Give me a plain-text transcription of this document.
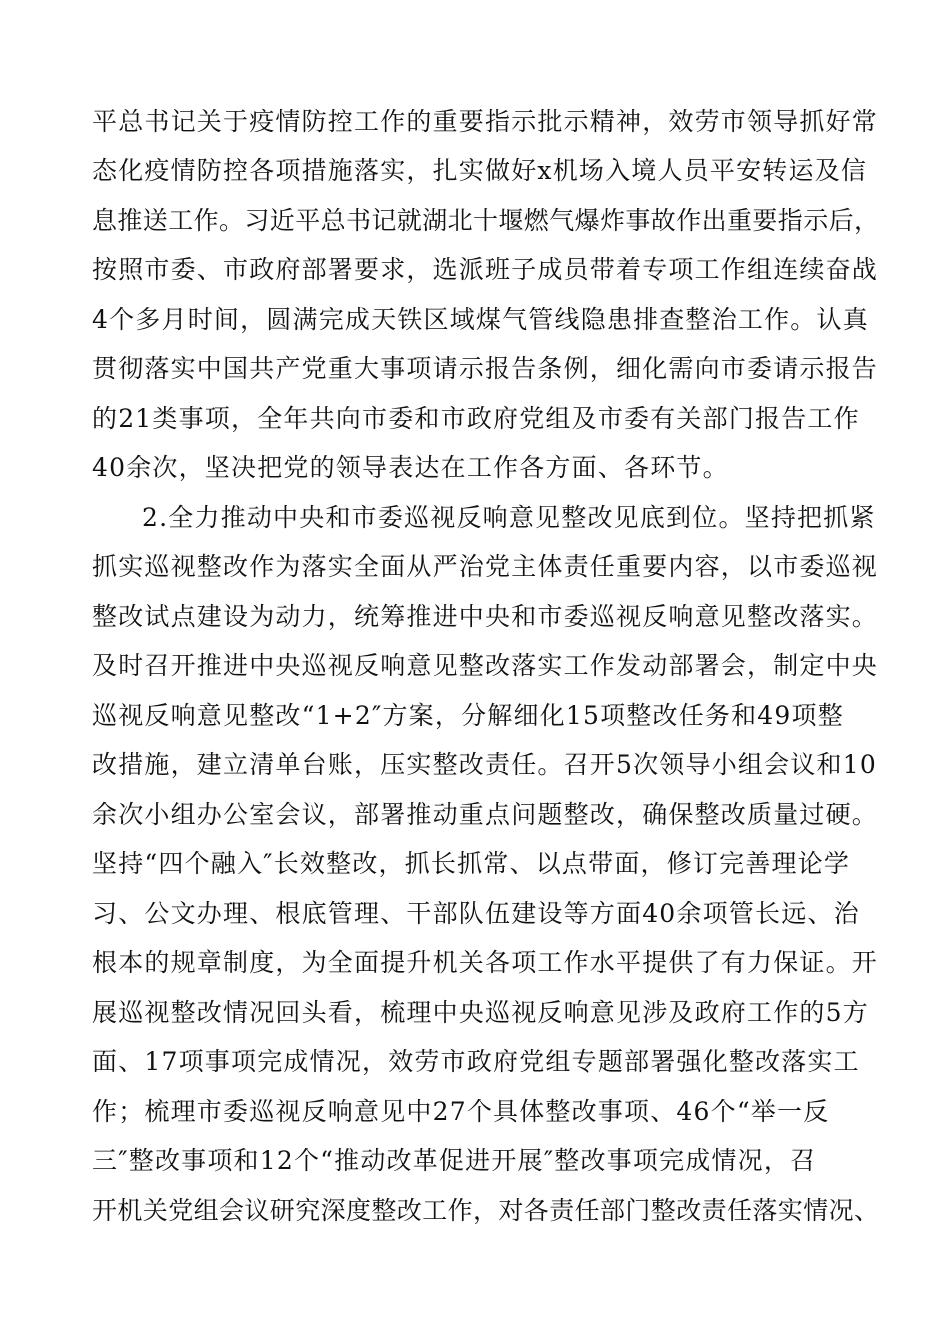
平总书记关于疫情防控工作的重要指示批示精神，效劳市领导抓好常
态化疫情防控各项措施落实，扎实做好x机场入境人员平安转运及信
息推送工作。习近平总书记就湖北十堰燃气爆炸事故作出重要指示后，
按照市委、市政府部署要求，选派班子成员带着专项工作组连续奋战
4个多月时间，圆满完成天铁区域煤气管线隐患排查整治工作。认真
贯彻落实中国共产党重大事项请示报告条例，细化需向市委请示报告
的21类事项，全年共向市委和市政府党组及市委有关部门报告工作
40余次，坚决把党的领导表达在工作各方面、各环节。
2.全力推动中央和市委巡视反响意见整改见底到位。坚持把抓紧
抓实巡视整改作为落实全面从严治党主体责任重要内容，以市委巡视
整改试点建设为动力，统筹推进中央和市委巡视反响意见整改落实。
及时召开推进中央巡视反响意见整改落实工作发动部署会，制定中央
巡视反响意见整改“1+2″方案，分解细化15项整改任务和49项整
改措施，建立清单台账，压实整改责任。召开5次领导小组会议和10
余次小组办公室会议，部署推动重点问题整改，确保整改质量过硬。
坚持“四个融入″长效整改，抓长抓常、以点带面，修订完善理论学
习、公文办理、根底管理、干部队伍建设等方面40余项管长远、治
根本的规章制度，为全面提升机关各项工作水平提供了有力保证。开
展巡视整改情况回头看，梳理中央巡视反响意见涉及政府工作的5方
面、17项事项完成情况，效劳市政府党组专题部署强化整改落实工
作；梳理市委巡视反响意见中27个具体整改事项、46个“举一反
三″整改事项和12个“推动改革促进开展″整改事项完成情况，召
开机关党组会议研究深度整改工作，对各责任部门整改责任落实情况、
